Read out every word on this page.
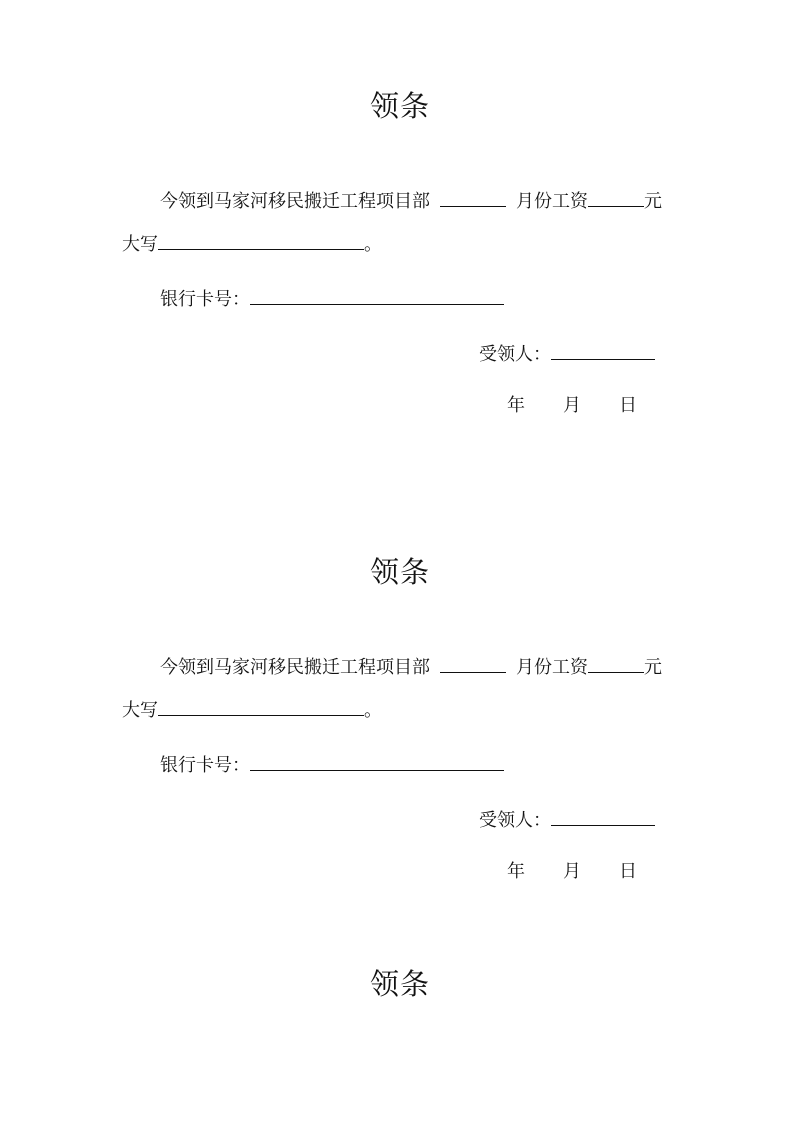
领条
今领到马家河移民搬迁工程项目部	月份工资	元
大写	。
银行卡号：
受领人：
年 月 日
领条
今领到马家河移民搬迁工程项目部	月份工资	元
大写	。
银行卡号：
受领人：
年 月 日
领条
